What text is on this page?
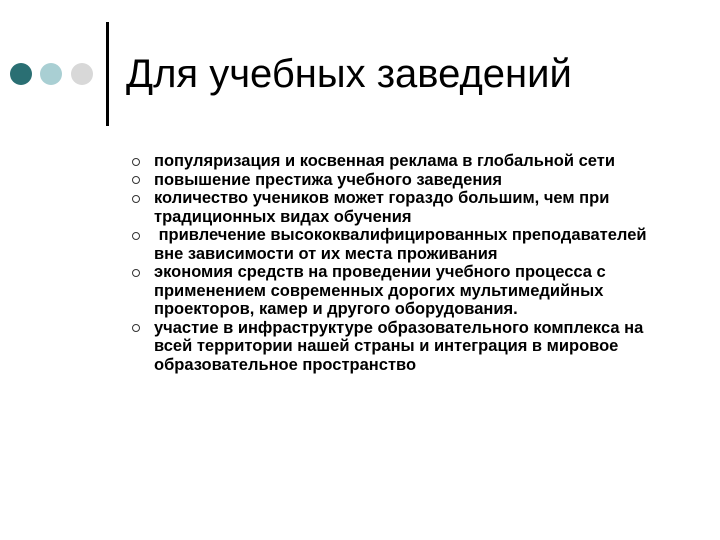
Для учебных заведений
популяризация и косвенная реклама в глобальной сети
повышение престижа учебного заведения
количество учеников может гораздо большим, чем при традиционных видах обучения
привлечение высококвалифицированных преподавателей вне зависимости от их места проживания
экономия средств на проведении учебного процесса с применением современных дорогих мультимедийных проекторов, камер и другого оборудования.
участие в инфраструктуре образовательного комплекса на всей территории нашей страны и интеграция в мировое образовательное пространство
